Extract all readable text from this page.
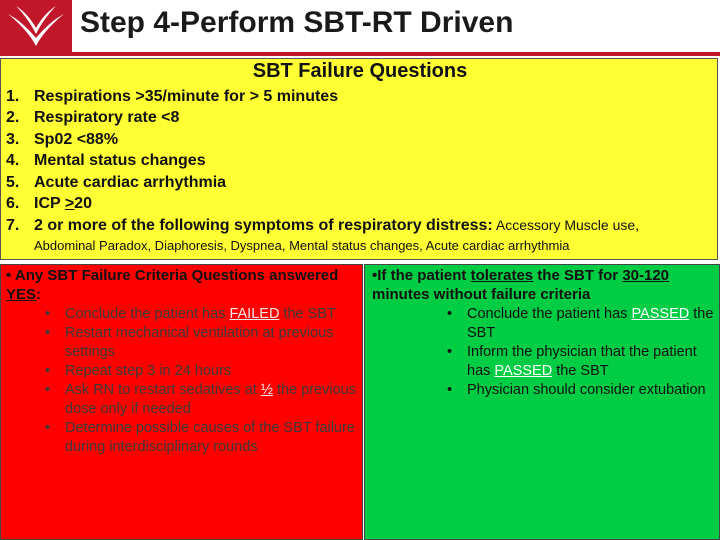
Step 4-Perform SBT-RT Driven
SBT Failure Questions
1. Respirations >35/minute for > 5 minutes
2. Respiratory rate <8
3. Sp02 <88%
4. Mental status changes
5. Acute cardiac arrhythmia
6. ICP >20
7. 2 or more of the following symptoms of respiratory distress: Accessory Muscle use,
Abdominal Paradox, Diaphoresis, Dyspnea, Mental status changes, Acute cardiac arrhythmia
• Any SBT Failure Criteria Questions answered
YES:
• Conclude the patient has FAILED the SBT
• Restart mechanical ventilation at previous settings
• Repeat step 3 in 24 hours
• Ask RN to restart sedatives at ½ the previous dose only if needed
• Determine possible causes of the SBT failure during interdisciplinary rounds
•If the patient tolerates the SBT for 30-120 minutes without failure criteria
• Conclude the patient has PASSED the SBT
• Inform the physician that the patient has PASSED the SBT
• Physician should consider extubation
